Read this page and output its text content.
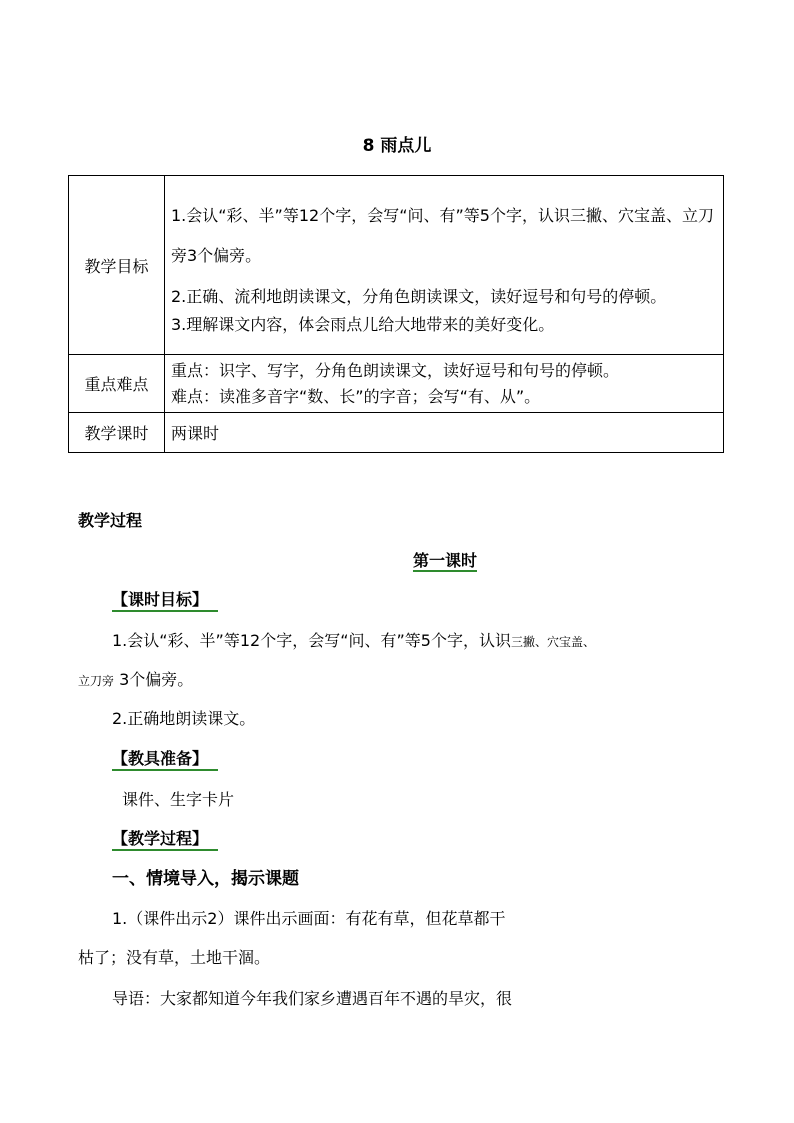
8 雨点儿
教学目标	1.会认“彩、半”等12个字，会写“问、有”等5个字，认识三撇、穴宝盖、立刀旁3个偏旁。

2.正确、流利地朗读课文，分角色朗读课文，读好逗号和句号的停顿。

3.理解课文内容，体会雨点儿给大地带来的美好变化。

重点难点	重点：识字、写字，分角色朗读课文，读好逗号和句号的停顿。

难点：读准多音字“数、长”的字音；会写“有、从”。

教学课时	两课时
教学过程
第一课时
【课时目标】
1.会认“彩、半”等12个字，会写“问、有”等5个字，认识三撇、穴宝盖、
立刀旁 3个偏旁。
2.正确地朗读课文。
【教具准备】
课件、生字卡片
【教学过程】
一、情境导入，揭示课题
1.（课件出示2）课件出示画面：有花有草，但花草都干
枯了；没有草，土地干涸。
导语：大家都知道今年我们家乡遭遇百年不遇的旱灾，很
